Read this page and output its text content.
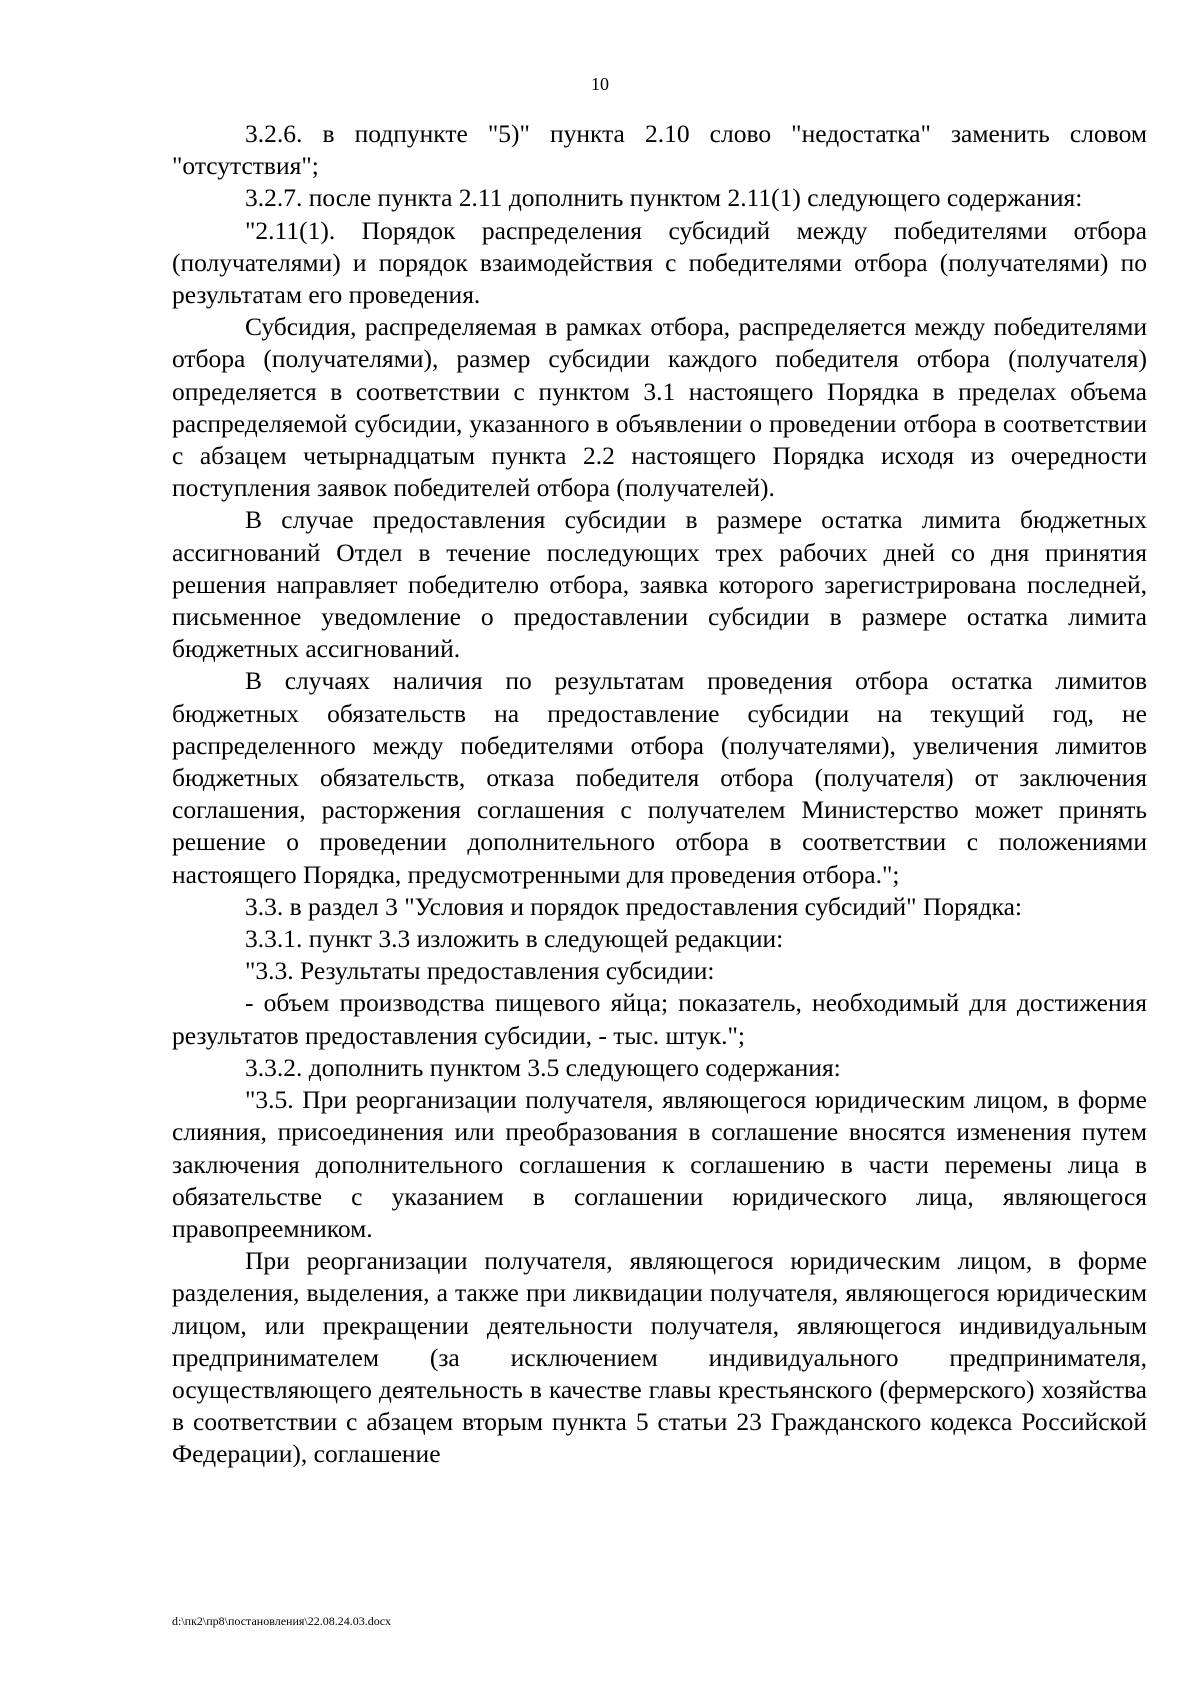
10

3.2.6. в подпункте "5)" пункта 2.10 слово "недостатка" заменить словом "отсутствия";

3.2.7. после пункта 2.11 дополнить пунктом 2.11(1) следующего содержания:

"2.11(1). Порядок распределения субсидий между победителями отбора (получателями) и порядок взаимодействия с победителями отбора (получателями) по результатам его проведения.

Субсидия, распределяемая в рамках отбора, распределяется между победителями отбора (получателями), размер субсидии каждого победителя отбора (получателя) определяется в соответствии с пунктом 3.1 настоящего Порядка в пределах объема распределяемой субсидии, указанного в объявлении о проведении отбора в соответствии с абзацем четырнадцатым пункта 2.2 настоящего Порядка исходя из очередности поступления заявок победителей отбора (получателей).

В случае предоставления субсидии в размере остатка лимита бюджетных ассигнований Отдел в течение последующих трех рабочих дней со дня принятия решения направляет победителю отбора, заявка которого зарегистрирована последней, письменное уведомление о предоставлении субсидии в размере остатка лимита бюджетных ассигнований.

В случаях наличия по результатам проведения отбора остатка лимитов бюджетных обязательств на предоставление субсидии на текущий год, не распределенного между победителями отбора (получателями), увеличения лимитов бюджетных обязательств, отказа победителя отбора (получателя) от заключения соглашения, расторжения соглашения с получателем Министерство может принять решение о проведении дополнительного отбора в соответствии с положениями настоящего Порядка, предусмотренными для проведения отбора.";

3.3. в раздел 3 "Условия и порядок предоставления субсидий" Порядка:

3.3.1. пункт 3.3 изложить в следующей редакции:

"3.3. Результаты предоставления субсидии:

- объем производства пищевого яйца; показатель, необходимый для достижения результатов предоставления субсидии, - тыс. штук.";

3.3.2. дополнить пунктом 3.5 следующего содержания:

"3.5. При реорганизации получателя, являющегося юридическим лицом, в форме слияния, присоединения или преобразования в соглашение вносятся изменения путем заключения дополнительного соглашения к соглашению в части перемены лица в обязательстве с указанием в соглашении юридического лица, являющегося правопреемником.

При реорганизации получателя, являющегося юридическим лицом, в форме разделения, выделения, а также при ликвидации получателя, являющегося юридическим лицом, или прекращении деятельности получателя, являющегося индивидуальным предпринимателем (за исключением индивидуального предпринимателя, осуществляющего деятельность в качестве главы крестьянского (фермерского) хозяйства в соответствии с абзацем вторым пункта 5 статьи 23 Гражданского кодекса Российской Федерации), соглашение

d:\пк2\пр8\постановления\22.08.24.03.docx
